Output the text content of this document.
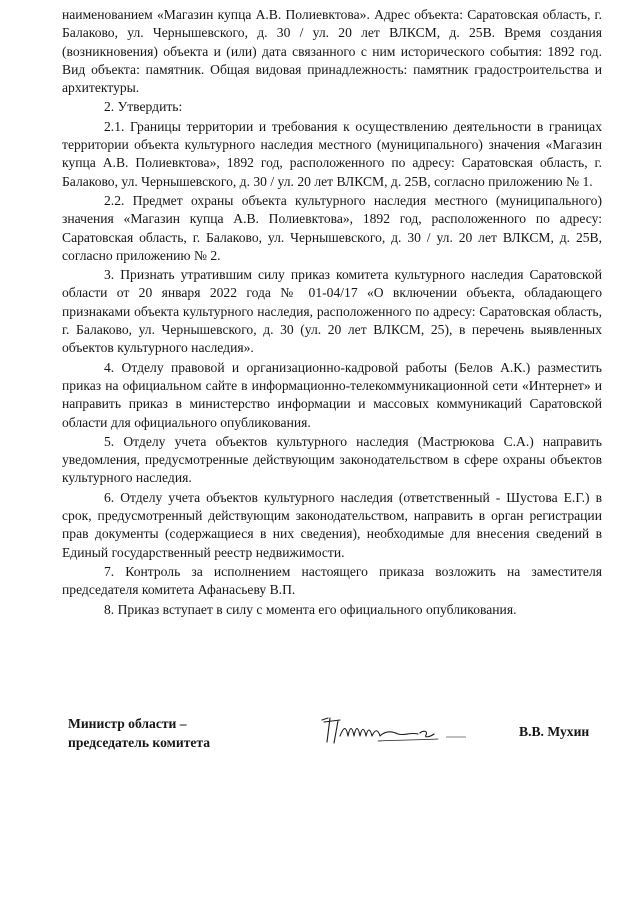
наименованием «Магазин купца А.В. Полиевктова». Адрес объекта: Саратовская область, г. Балаково, ул. Чернышевского, д. 30 / ул. 20 лет ВЛКСМ, д. 25В. Время создания (возникновения) объекта и (или) дата связанного с ним исторического события: 1892 год. Вид объекта: памятник. Общая видовая принадлежность: памятник градостроительства и архитектуры.

2. Утвердить:

2.1. Границы территории и требования к осуществлению деятельности в границах территории объекта культурного наследия местного (муниципального) значения «Магазин купца А.В. Полиевктова», 1892 год, расположенного по адресу: Саратовская область, г. Балаково, ул. Чернышевского, д. 30 / ул. 20 лет ВЛКСМ, д. 25В, согласно приложению № 1.

2.2. Предмет охраны объекта культурного наследия местного (муниципального) значения «Магазин купца А.В. Полиевктова», 1892 год, расположенного по адресу: Саратовская область, г. Балаково, ул. Чернышевского, д. 30 / ул. 20 лет ВЛКСМ, д. 25В, согласно приложению № 2.

3. Признать утратившим силу приказ комитета культурного наследия Саратовской области от 20 января 2022 года № 01-04/17 «О включении объекта, обладающего признаками объекта культурного наследия, расположенного по адресу: Саратовская область, г. Балаково, ул. Чернышевского, д. 30 (ул. 20 лет ВЛКСМ, 25), в перечень выявленных объектов культурного наследия».

4. Отделу правовой и организационно-кадровой работы (Белов А.К.) разместить приказ на официальном сайте в информационно-телекоммуникационной сети «Интернет» и направить приказ в министерство информации и массовых коммуникаций Саратовской области для официального опубликования.

5. Отделу учета объектов культурного наследия (Мастрюкова С.А.) направить уведомления, предусмотренные действующим законодательством в сфере охраны объектов культурного наследия.

6. Отделу учета объектов культурного наследия (ответственный - Шустова Е.Г.) в срок, предусмотренный действующим законодательством, направить в орган регистрации прав документы (содержащиеся в них сведения), необходимые для внесения сведений в Единый государственный реестр недвижимости.

7. Контроль за исполнением настоящего приказа возложить на заместителя председателя комитета Афанасьеву В.П.

8. Приказ вступает в силу с момента его официального опубликования.

Министр области –
председатель комитета
В.В. Мухин
